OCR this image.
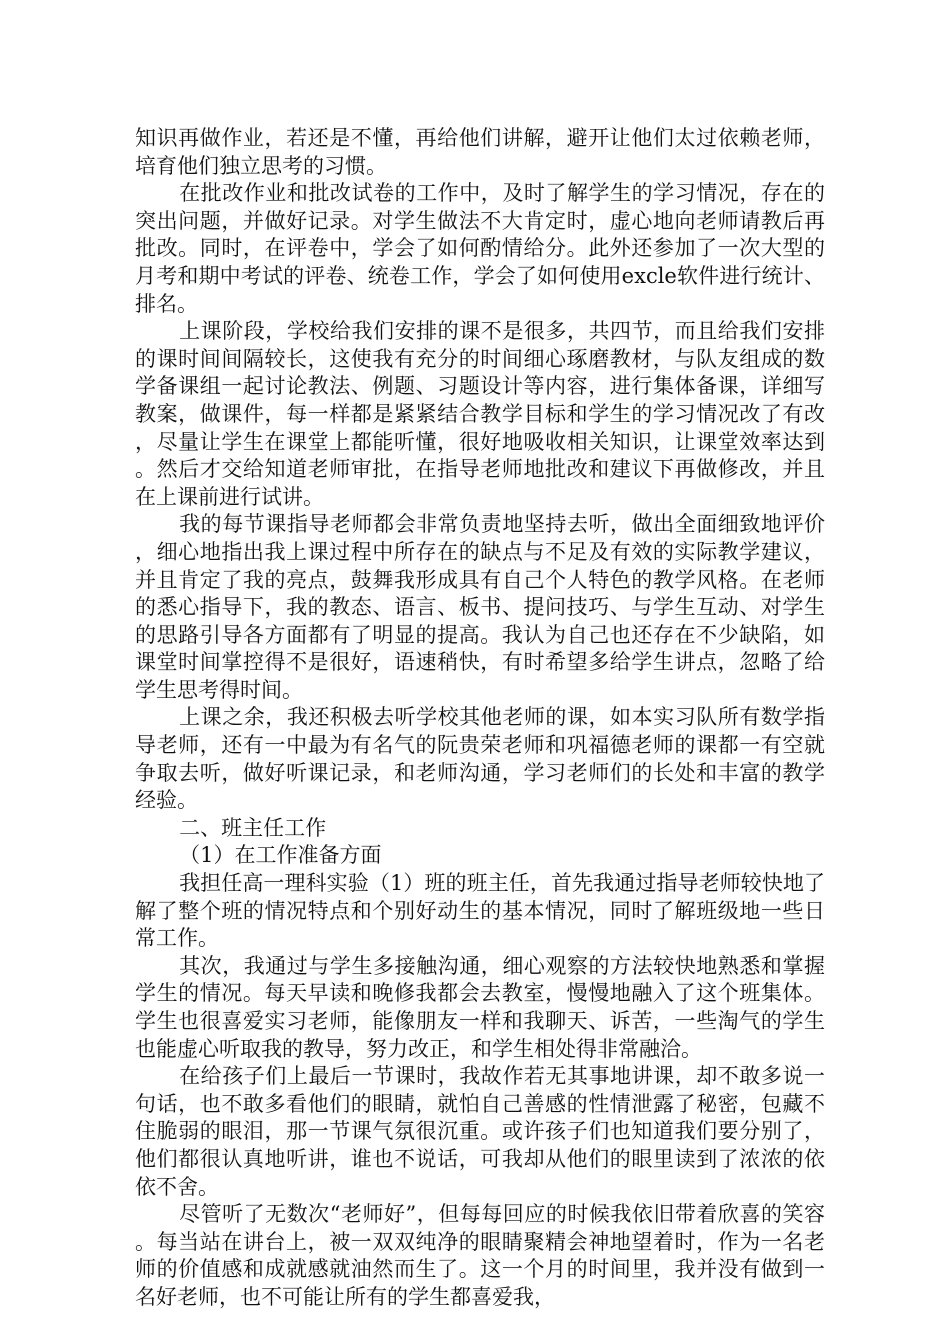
知识再做作业，若还是不懂，再给他们讲解，避开让他们太过依赖老师，培育他们独立思考的习惯。

在批改作业和批改试卷的工作中，及时了解学生的学习情况，存在的突出问题，并做好记录。对学生做法不大肯定时，虚心地向老师请教后再批改。同时，在评卷中，学会了如何酌情给分。此外还参加了一次大型的月考和期中考试的评卷、统卷工作，学会了如何使用excle软件进行统计、排名。

上课阶段，学校给我们安排的课不是很多，共四节，而且给我们安排的课时间间隔较长，这使我有充分的时间细心琢磨教材，与队友组成的数学备课组一起讨论教法、例题、习题设计等内容，进行集体备课，详细写教案，做课件，每一样都是紧紧结合教学目标和学生的学习情况改了有改，尽量让学生在课堂上都能听懂，很好地吸收相关知识，让课堂效率达到。然后才交给知道老师审批，在指导老师地批改和建议下再做修改，并且在上课前进行试讲。

我的每节课指导老师都会非常负责地坚持去听，做出全面细致地评价，细心地指出我上课过程中所存在的缺点与不足及有效的实际教学建议，并且肯定了我的亮点，鼓舞我形成具有自己个人特色的教学风格。在老师的悉心指导下，我的教态、语言、板书、提问技巧、与学生互动、对学生的思路引导各方面都有了明显的提高。我认为自己也还存在不少缺陷，如课堂时间掌控得不是很好，语速稍快，有时希望多给学生讲点，忽略了给学生思考得时间。

上课之余，我还积极去听学校其他老师的课，如本实习队所有数学指导老师，还有一中最为有名气的阮贵荣老师和巩福德老师的课都一有空就争取去听，做好听课记录，和老师沟通，学习老师们的长处和丰富的教学经验。

二、班主任工作

（1）在工作准备方面

我担任高一理科实验（1）班的班主任，首先我通过指导老师较快地了解了整个班的情况特点和个别好动生的基本情况，同时了解班级地一些日常工作。

其次，我通过与学生多接触沟通，细心观察的方法较快地熟悉和掌握学生的情况。每天早读和晚修我都会去教室，慢慢地融入了这个班集体。学生也很喜爱实习老师，能像朋友一样和我聊天、诉苦，一些淘气的学生也能虚心听取我的教导，努力改正，和学生相处得非常融洽。

在给孩子们上最后一节课时，我故作若无其事地讲课，却不敢多说一句话，也不敢多看他们的眼睛，就怕自己善感的性情泄露了秘密，包藏不住脆弱的眼泪，那一节课气氛很沉重。或许孩子们也知道我们要分别了，他们都很认真地听讲，谁也不说话，可我却从他们的眼里读到了浓浓的依依不舍。

尽管听了无数次“老师好”，但每每回应的时候我依旧带着欣喜的笑容。每当站在讲台上，被一双双纯净的眼睛聚精会神地望着时，作为一名老师的价值感和成就感就油然而生了。这一个月的时间里，我并没有做到一名好老师，也不可能让所有的学生都喜爱我，
